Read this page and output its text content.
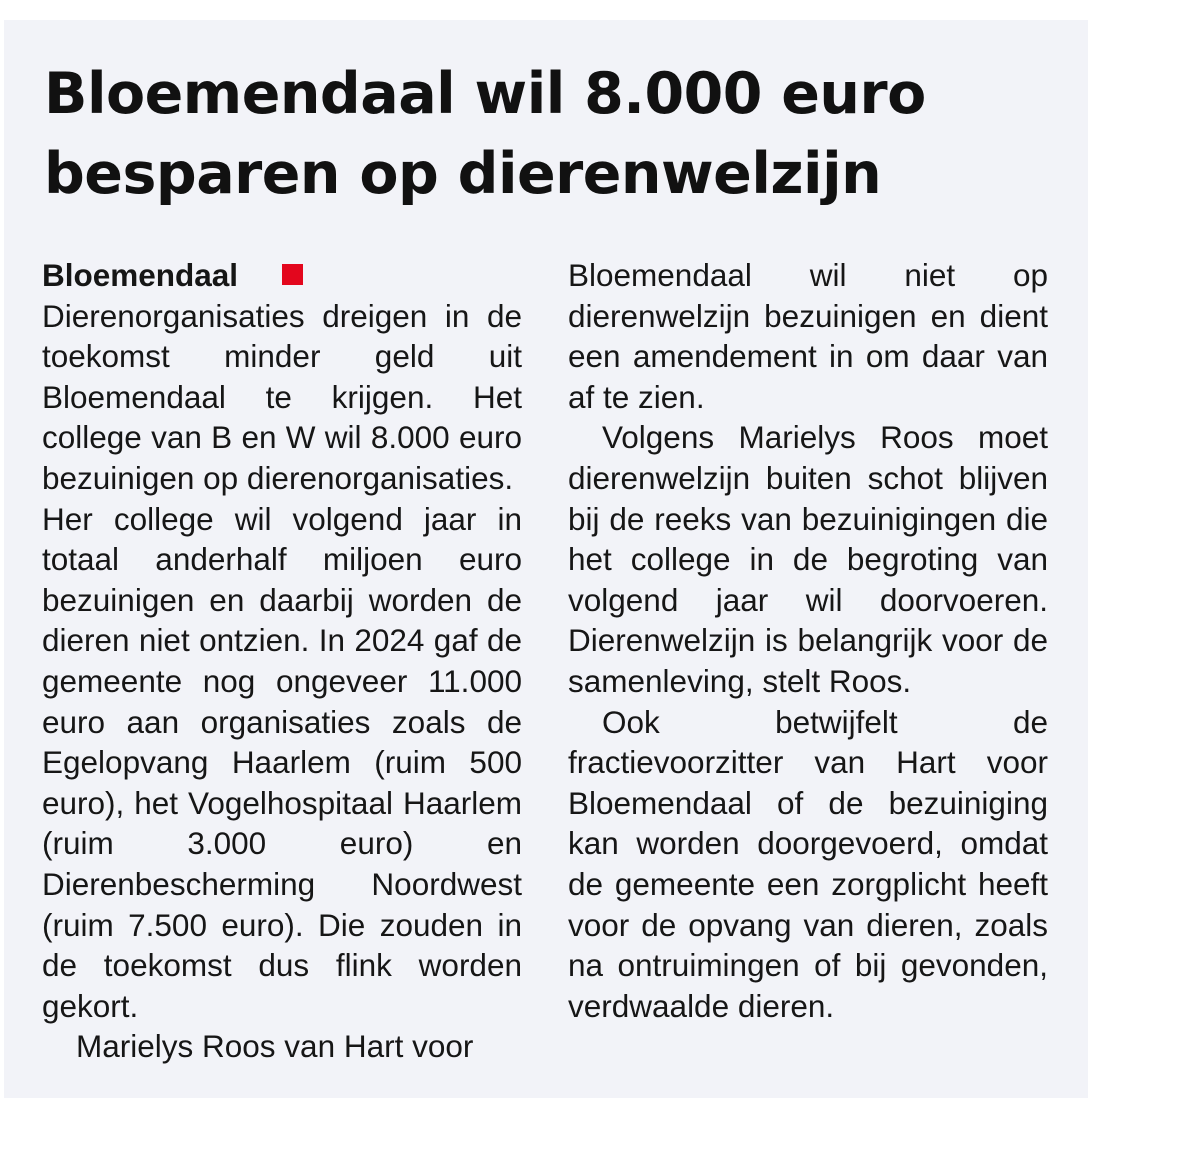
Bloemendaal wil 8.000 euro besparen op dierenwelzijn

BloemendaalDierenorganisaties dreigen in de toekomst minder geld uit Bloemendaal te krijgen. Het college van B en W wil 8.000 euro bezuinigen op dierenorganisaties.

Her college wil volgend jaar in totaal anderhalf miljoen euro bezuinigen en daarbij worden de dieren niet ontzien. In 2024 gaf de gemeente nog ongeveer 11.000 euro aan organisaties zoals de Egelopvang Haarlem (ruim 500 euro), het Vogelhospitaal Haarlem (ruim 3.000 euro) en Dierenbescherming Noordwest (ruim 7.500 euro). Die zouden in de toekomst dus flink worden gekort.

Marielys Roos van Hart voor

Bloemendaal wil niet op dierenwelzijn bezuinigen en dient een amendement in om daar van af te zien.

Volgens Marielys Roos moet dierenwelzijn buiten schot blijven bij de reeks van bezuinigingen die het college in de begroting van volgend jaar wil doorvoeren. Dierenwelzijn is belangrijk voor de samenleving, stelt Roos.

Ook betwijfelt de fractievoorzitter van Hart voor Bloemendaal of de bezuiniging kan worden doorgevoerd, omdat de gemeente een zorgplicht heeft voor de opvang van dieren, zoals na ontruimingen of bij gevonden, verdwaalde dieren.
